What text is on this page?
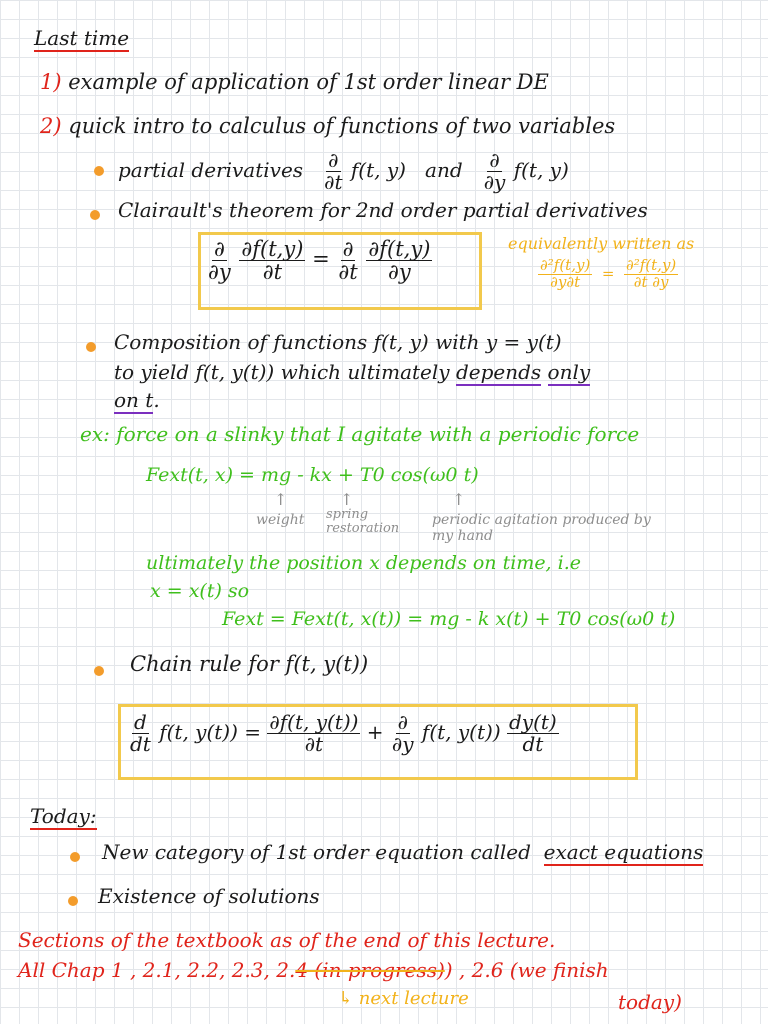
Last time
1) example of application of 1st order linear DE
2) quick intro to calculus of functions of two variables
partial derivatives $\frac{\partial}{\partial t} f(t$, y) and $\frac{\partial}{\partial y} f(t$, y)
Clairault's theorem for 2nd order partial derivatives
$\frac{\partial}{\partial y}$
$\frac{\partial f(t,y)}{\partial t} = \frac{\partial}{\partial t}$
$\frac{\partial f(t,y)}{\partial y}$	equivalently written as
$\frac{\text{∂²f(t,y)}}{\partial y\partial t} = \frac{\text{∂²f(t,y)}}{\partial t \partial y}$
Composition of functions f(t, y) with y = y(t)
to yield f(t, y(t)) which ultimately depends only
on t.
ex: force on a slinky that I agitate with a periodic force
Fext(t, x) = mg - kx + T0 cos(ω0 t)
↑	↑	↑
weight spring restoration
periodic agitation produced by my hand
ultimately the position x depends on time, i.e
x = x(t) so
Fext = Fext(t, x(t)) = mg - k x(t) + T0 cos(ω0 t)
Chain rule for f(t, y(t))
$\frac{d}{dt} f(t$, $y(t)) = \frac{\partial f(t, y(t))}{\partial t} + \frac{\partial}{\partial y} f(t$, $y(t)) \frac{dy(t)}{dt}$
Today:
New category of 1st order equation called exact equations
Existence of solutions
Sections of the textbook as of the end of this lecture.
All Chap 1 , 2.1, 2.2, 2.3, 2.4 (in progress)) , 2.6 (we finish
↳ next lecture	today)
